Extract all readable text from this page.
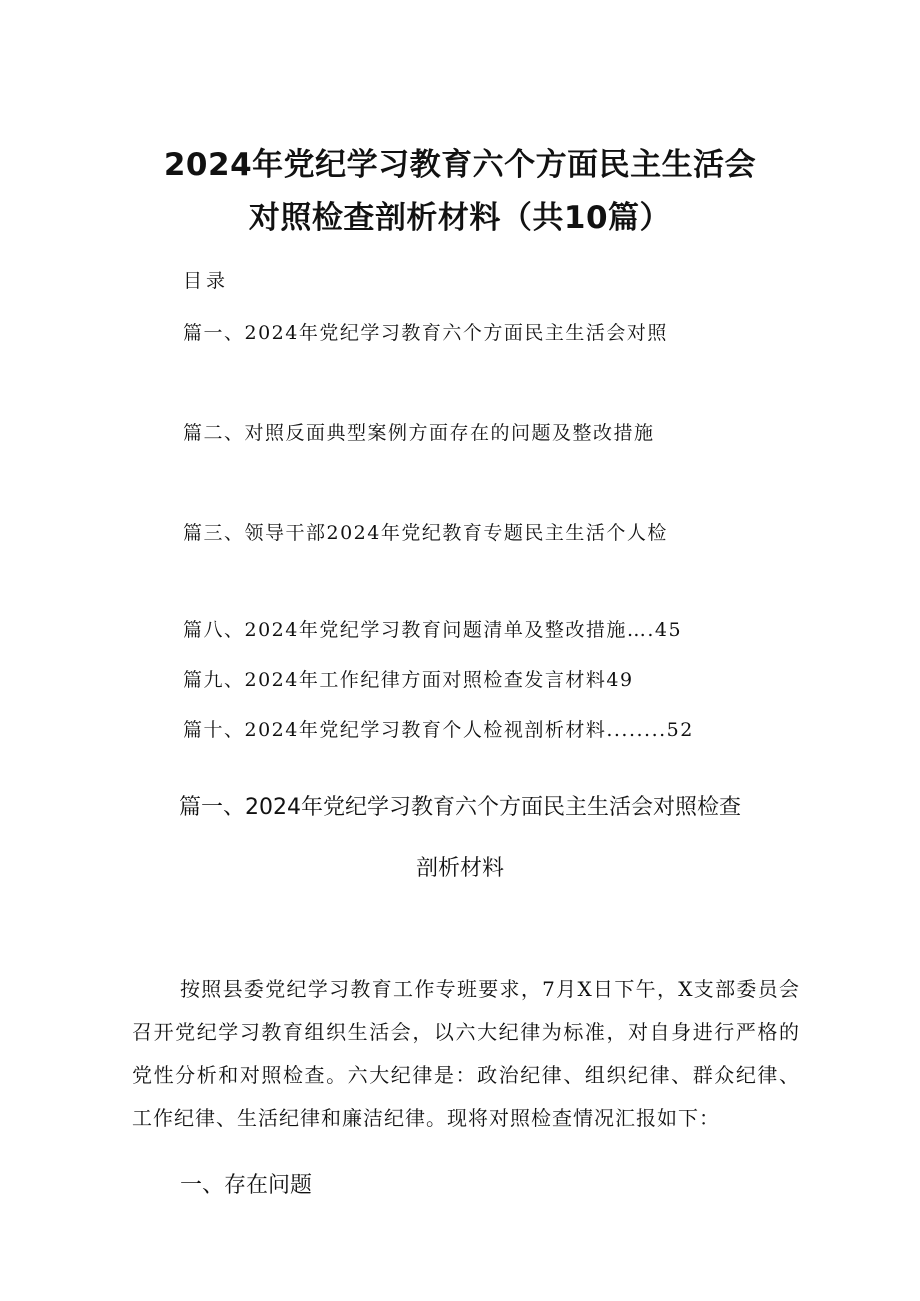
2024年党纪学习教育六个方面民主生活会
对照检查剖析材料（共10篇）
目录
篇一、2024年党纪学习教育六个方面民主生活会对照
篇二、对照反面典型案例方面存在的问题及整改措施
篇三、领导干部2024年党纪教育专题民主生活个人检
篇八、2024年党纪学习教育问题清单及整改措施….45
篇九、2024年工作纪律方面对照检查发言材料49
篇十、2024年党纪学习教育个人检视剖析材料........52
篇一、2024年党纪学习教育六个方面民主生活会对照检查
剖析材料

按照县委党纪学习教育工作专班要求，7月X日下午，X支部委员会召开党纪学习教育组织生活会，以六大纪律为标准，对自身进行严格的党性分析和对照检查。六大纪律是：政治纪律、组织纪律、群众纪律、工作纪律、生活纪律和廉洁纪律。现将对照检查情况汇报如下：

一、存在问题
